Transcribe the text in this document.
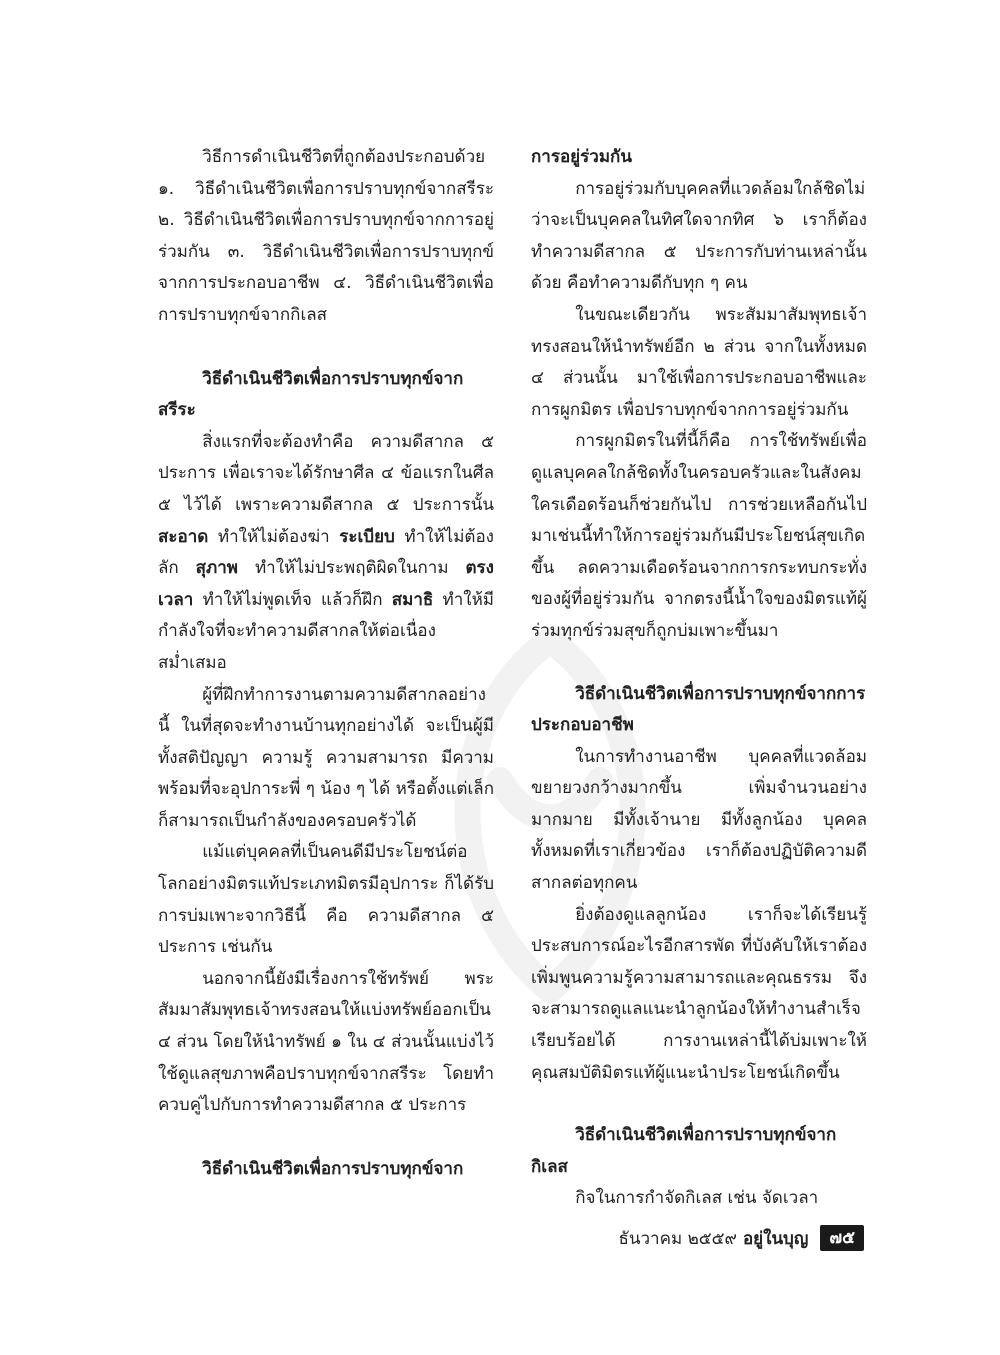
วิธีการดำเนินชีวิตที่ถูกต้องประกอบด้วย ๑. วิธีดำเนินชีวิตเพื่อการปราบทุกข์จากสรีระ ๒. วิธีดำเนินชีวิตเพื่อการปราบทุกข์จากการอยู่ร่วมกัน ๓. วิธีดำเนินชีวิตเพื่อการปราบทุกข์จากการประกอบอาชีพ ๔. วิธีดำเนินชีวิตเพื่อการปราบทุกข์จากกิเลส

วิธีดำเนินชีวิตเพื่อการปราบทุกข์จากสรีระ

สิ่งแรกที่จะต้องทำคือ ความดีสากล ๕ ประการ เพื่อเราจะได้รักษาศีล ๔ ข้อแรกในศีล ๕ ไว้ได้ เพราะความดีสากล ๕ ประการนั้น สะอาด ทำให้ไม่ต้องฆ่า ระเบียบ ทำให้ไม่ต้องลัก สุภาพ ทำให้ไม่ประพฤติผิดในกาม ตรงเวลา ทำให้ไม่พูดเท็จ แล้วก็ฝึก สมาธิ ทำให้มีกำลังใจที่จะทำความดีสากลให้ต่อเนื่องสม่ำเสมอ

ผู้ที่ฝึกทำการงานตามความดีสากลอย่างนี้ ในที่สุดจะทำงานบ้านทุกอย่างได้ จะเป็นผู้มีทั้งสติปัญญา ความรู้ ความสามารถ มีความพร้อมที่จะอุปการะพี่ ๆ น้อง ๆ ได้ หรือตั้งแต่เล็กก็สามารถเป็นกำลังของครอบครัวได้

แม้แต่บุคคลที่เป็นคนดีมีประโยชน์ต่อโลกอย่างมิตรแท้ประเภทมิตรมีอุปการะ ก็ได้รับการบ่มเพาะจากวิธีนี้ คือ ความดีสากล ๕ ประการ เช่นกัน

นอกจากนี้ยังมีเรื่องการใช้ทรัพย์ พระสัมมาสัมพุทธเจ้าทรงสอนให้แบ่งทรัพย์ออกเป็น ๔ ส่วน โดยให้นำทรัพย์ ๑ ใน ๔ ส่วนนั้นแบ่งไว้ใช้ดูแลสุขภาพคือปราบทุกข์จากสรีระ โดยทำควบคู่ไปกับการทำความดีสากล ๕ ประการ

วิธีดำเนินชีวิตเพื่อการปราบทุกข์จาก

การอยู่ร่วมกัน

การอยู่ร่วมกับบุคคลที่แวดล้อมใกล้ชิดไม่ว่าจะเป็นบุคคลในทิศใดจากทิศ ๖ เราก็ต้องทำความดีสากล ๕ ประการกับท่านเหล่านั้นด้วย คือทำความดีกับทุก ๆ คน

ในขณะเดียวกัน พระสัมมาสัมพุทธเจ้าทรงสอนให้นำทรัพย์อีก ๒ ส่วน จากในทั้งหมด ๔ ส่วนนั้น มาใช้เพื่อการประกอบอาชีพและการผูกมิตร เพื่อปราบทุกข์จากการอยู่ร่วมกัน

การผูกมิตรในที่นี้ก็คือ การใช้ทรัพย์เพื่อดูแลบุคคลใกล้ชิดทั้งในครอบครัวและในสังคม ใครเดือดร้อนก็ช่วยกันไป การช่วยเหลือกันไปมาเช่นนี้ทำให้การอยู่ร่วมกันมีประโยชน์สุขเกิดขึ้น ลดความเดือดร้อนจากการกระทบกระทั่งของผู้ที่อยู่ร่วมกัน จากตรงนี้น้ำใจของมิตรแท้ผู้ร่วมทุกข์ร่วมสุขก็ถูกบ่มเพาะขึ้นมา

วิธีดำเนินชีวิตเพื่อการปราบทุกข์จากการประกอบอาชีพ

ในการทำงานอาชีพ บุคคลที่แวดล้อมขยายวงกว้างมากขึ้น เพิ่มจำนวนอย่างมากมาย มีทั้งเจ้านาย มีทั้งลูกน้อง บุคคลทั้งหมดที่เราเกี่ยวข้อง เราก็ต้องปฏิบัติความดีสากลต่อทุกคน

ยิ่งต้องดูแลลูกน้อง เราก็จะได้เรียนรู้ประสบการณ์อะไรอีกสารพัด ที่บังคับให้เราต้องเพิ่มพูนความรู้ความสามารถและคุณธรรม จึงจะสามารถดูแลแนะนำลูกน้องให้ทำงานสำเร็จเรียบร้อยได้ การงานเหล่านี้ได้บ่มเพาะให้คุณสมบัติมิตรแท้ผู้แนะนำประโยชน์เกิดขึ้น

วิธีดำเนินชีวิตเพื่อการปราบทุกข์จากกิเลส

กิจในการกำจัดกิเลส เช่น จัดเวลา

ธันวาคม ๒๕๕๙ อยู่ในบุญ	๗๕
